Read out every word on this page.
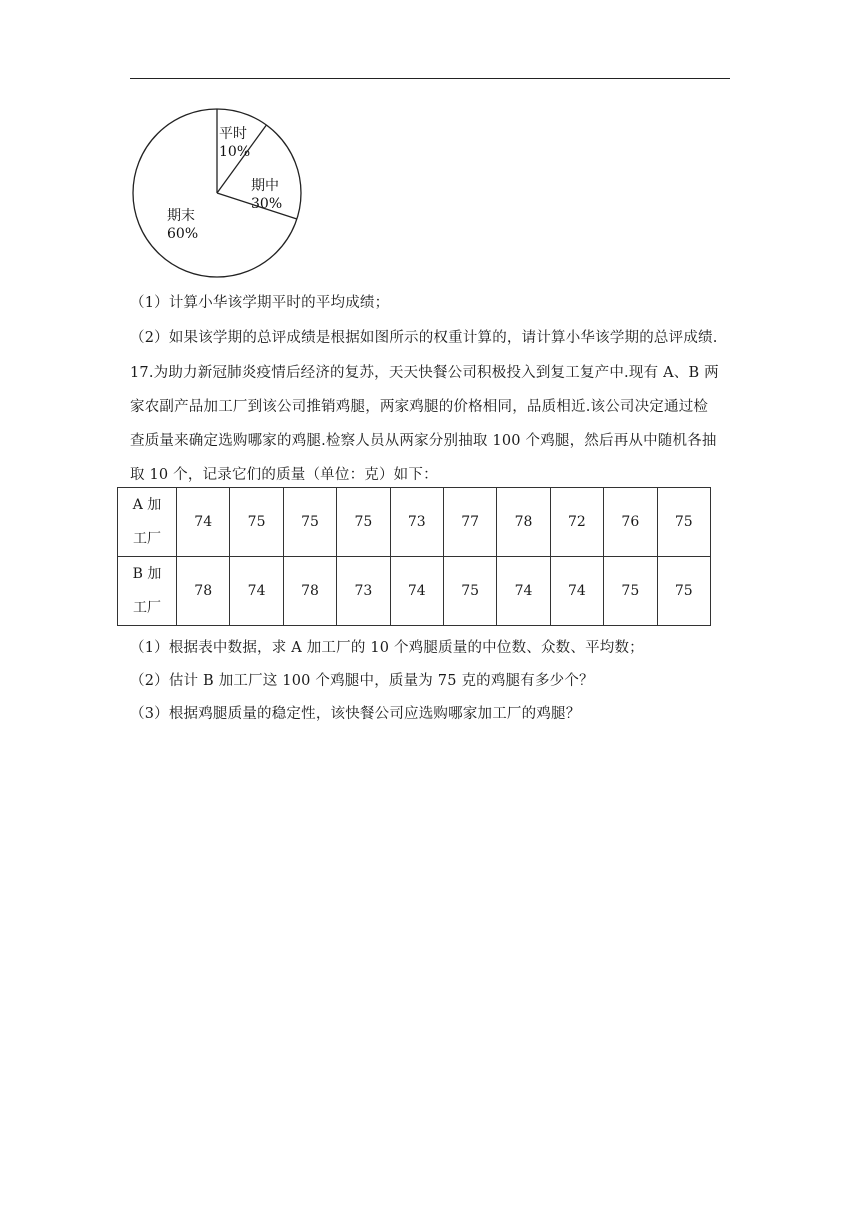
平时
10%
期中
30%
期末
60%
（1）计算小华该学期平时的平均成绩；
（2）如果该学期的总评成绩是根据如图所示的权重计算的，请计算小华该学期的总评成绩.
17.为助力新冠肺炎疫情后经济的复苏，天天快餐公司积极投入到复工复产中.现有 A、B 两
家农副产品加工厂到该公司推销鸡腿，两家鸡腿的价格相同，品质相近.该公司决定通过检
查质量来确定选购哪家的鸡腿.检察人员从两家分别抽取 100 个鸡腿，然后再从中随机各抽
取 10 个，记录它们的质量（单位：克）如下：
A 加
工厂	74	75	75	75	73	77	78	72	76	75
B 加
工厂	78	74	78	73	74	75	74	74	75	75
（1）根据表中数据，求 A 加工厂的 10 个鸡腿质量的中位数、众数、平均数；
（2）估计 B 加工厂这 100 个鸡腿中，质量为 75 克的鸡腿有多少个？
（3）根据鸡腿质量的稳定性，该快餐公司应选购哪家加工厂的鸡腿？
